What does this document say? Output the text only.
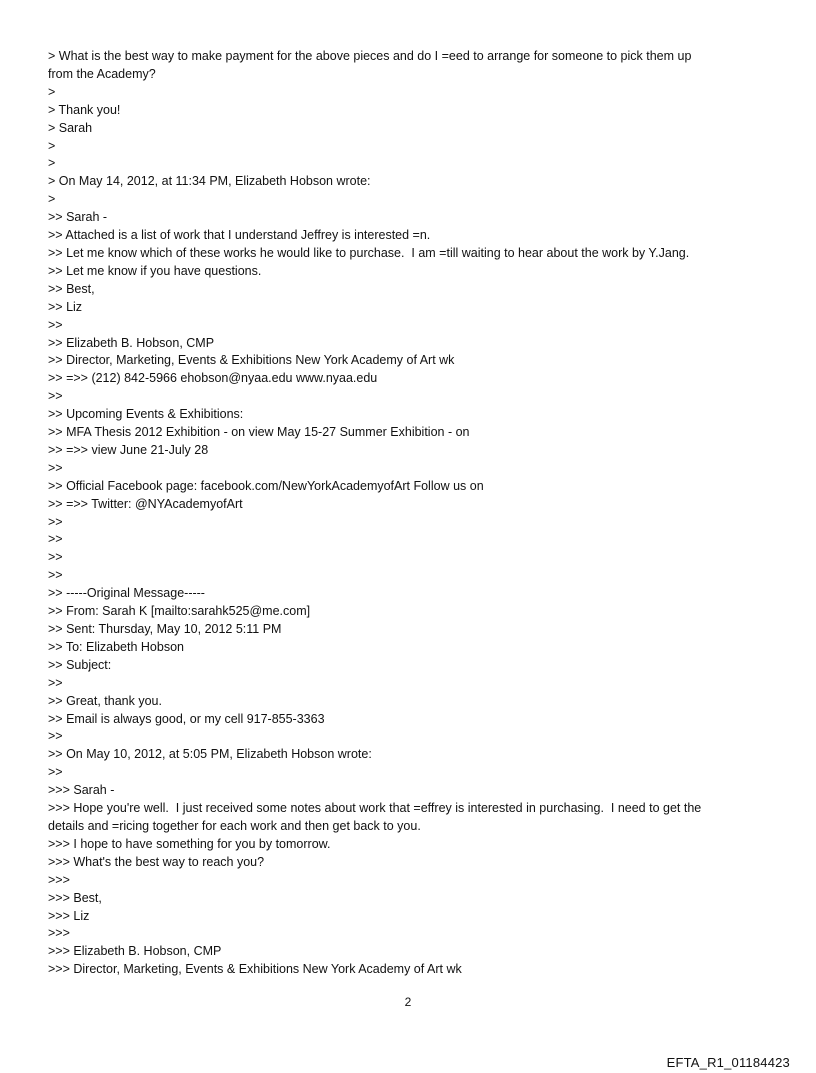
> What is the best way to make payment for the above pieces and do I =eed to arrange for someone to pick them up
from the Academy?
>
> Thank you!
> Sarah
>
>
> On May 14, 2012, at 11:34 PM, Elizabeth Hobson wrote:
>
>> Sarah -
>> Attached is a list of work that I understand Jeffrey is interested =n.
>> Let me know which of these works he would like to purchase.  I am =till waiting to hear about the work by Y.Jang.
>> Let me know if you have questions.
>> Best,
>> Liz
>>
>> Elizabeth B. Hobson, CMP
>> Director, Marketing, Events & Exhibitions New York Academy of Art wk
>> =>> (212) 842-5966 ehobson@nyaa.edu www.nyaa.edu
>>
>> Upcoming Events & Exhibitions:
>> MFA Thesis 2012 Exhibition - on view May 15-27 Summer Exhibition - on
>> =>> view June 21-July 28
>>
>> Official Facebook page: facebook.com/NewYorkAcademyofArt Follow us on
>> =>> Twitter: @NYAcademyofArt
>>
>>
>>
>>
>> -----Original Message-----
>> From: Sarah K [mailto:sarahk525@me.com]
>> Sent: Thursday, May 10, 2012 5:11 PM
>> To: Elizabeth Hobson
>> Subject:
>>
>> Great, thank you.
>> Email is always good, or my cell 917-855-3363
>>
>> On May 10, 2012, at 5:05 PM, Elizabeth Hobson wrote:
>>
>>> Sarah -
>>> Hope you're well.  I just received some notes about work that =effrey is interested in purchasing.  I need to get the
details and =ricing together for each work and then get back to you.
>>> I hope to have something for you by tomorrow.
>>> What's the best way to reach you?
>>>
>>> Best,
>>> Liz
>>>
>>> Elizabeth B. Hobson, CMP
>>> Director, Marketing, Events & Exhibitions New York Academy of Art wk
2
EFTA_R1_01184423
